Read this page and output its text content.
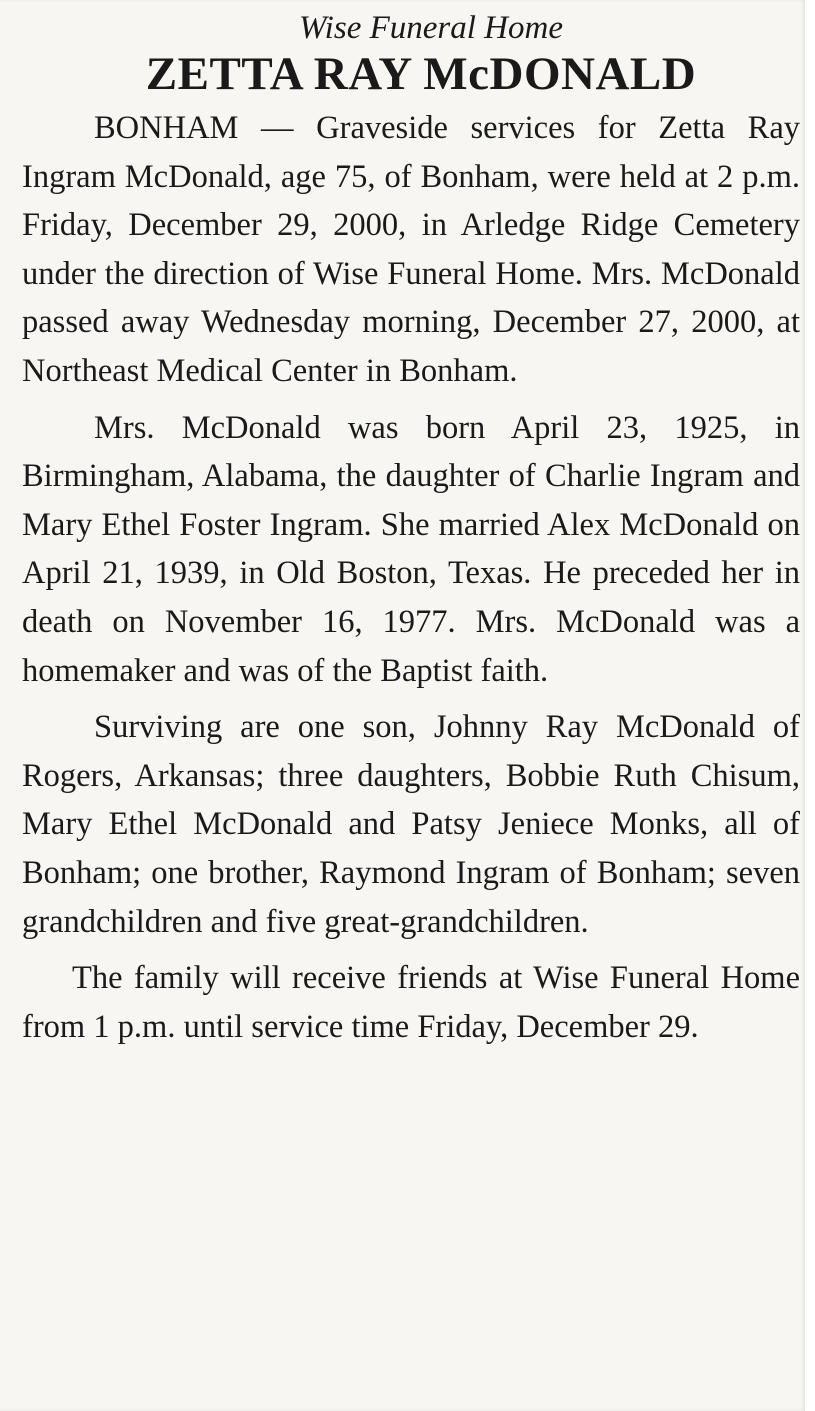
Wise Funeral Home

ZETTA RAY McDONALD

BONHAM — Graveside services for Zetta Ray Ingram McDonald, age 75, of Bonham, were held at 2 p.m. Friday, December 29, 2000, in Arledge Ridge Cemetery under the direction of Wise Funeral Home. Mrs. McDonald passed away Wednesday morning, December 27, 2000, at Northeast Medical Center in Bonham.

Mrs. McDonald was born April 23, 1925, in Birmingham, Alabama, the daughter of Charlie Ingram and Mary Ethel Foster Ingram. She married Alex McDonald on April 21, 1939, in Old Boston, Texas. He preceded her in death on November 16, 1977. Mrs. McDonald was a homemaker and was of the Baptist faith.

Surviving are one son, Johnny Ray McDonald of Rogers, Arkansas; three daughters, Bobbie Ruth Chisum, Mary Ethel McDonald and Patsy Jeniece Monks, all of Bonham; one brother, Raymond Ingram of Bonham; seven grandchildren and five great-grandchildren.

The family will receive friends at Wise Funeral Home from 1 p.m. until service time Friday, December 29.
